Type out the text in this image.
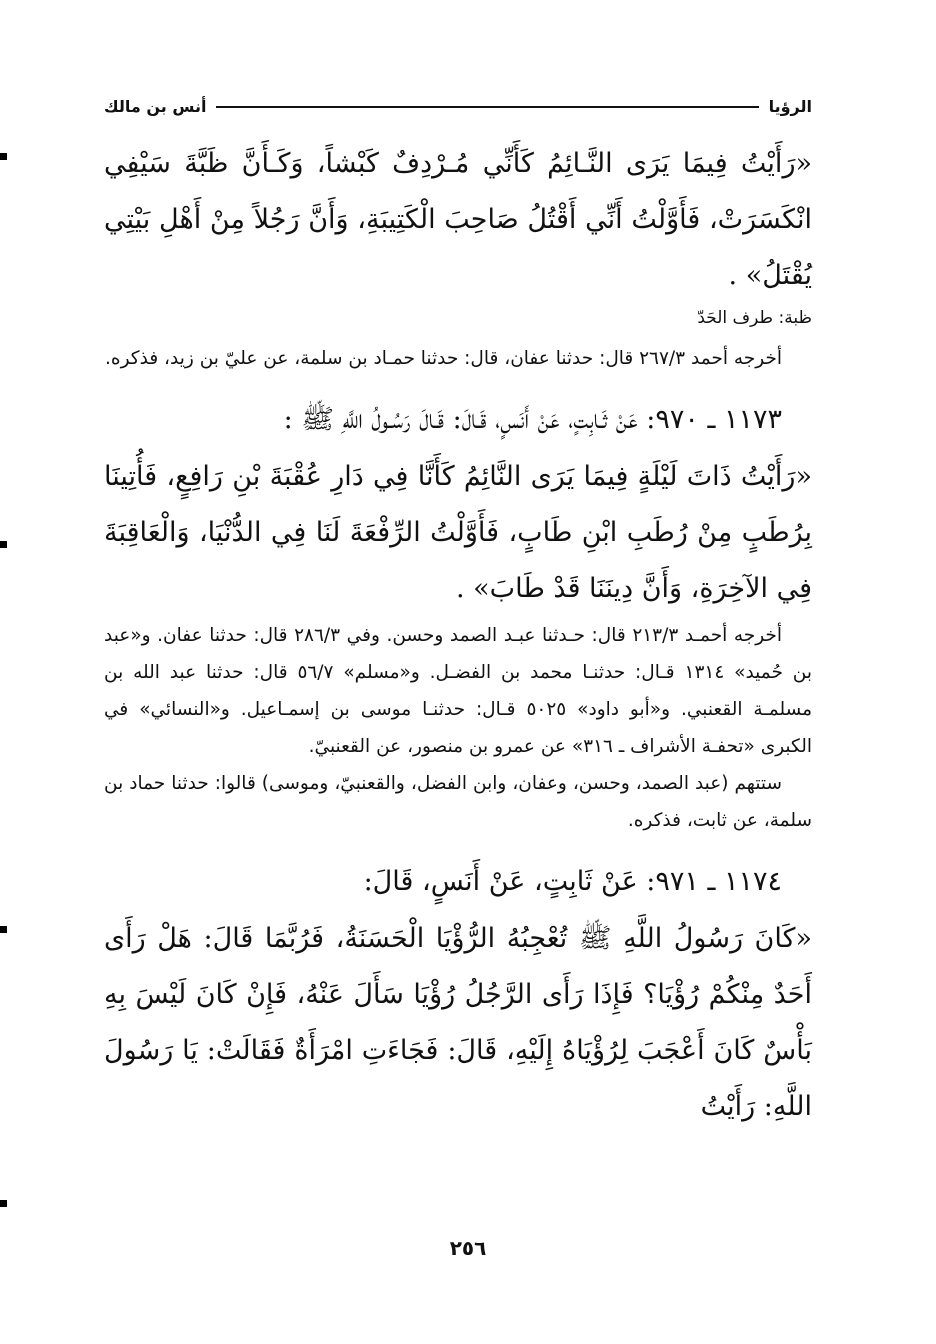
الرؤيا
أنس بن مالك

«رَأَيْتُ فِيمَا يَرَى النَّـائِمُ كَأَنِّي مُـرْدِفٌ كَبْشاً، وَكَـأَنَّ ظَبَّةَ سَيْفِي انْكَسَرَتْ، فَأَوَّلْتُ أَنِّي أَقْتُلُ صَاحِبَ الْكَتِيبَةِ، وَأَنَّ رَجُلاً مِنْ أَهْلِ بَيْتِي يُقْتَلُ» .

ظبة: طرف الحَدّ

أخرجه أحمد ٢٦٧/٣ قال: حدثنا عفان، قال: حدثنا حمـاد بن سلمة، عن عليّ بن زيد، فذكره.

١١٧٣ ـ ٩٧٠: عَنْ ثَـابِتٍ، عَنْ أَنَسٍ، قَـالَ: قَـالَ رَسُـولُ اللَّهِ ﷺ :

«رَأَيْتُ ذَاتَ لَيْلَةٍ فِيمَا يَرَى النَّائِمُ كَأَنَّا فِي دَارِ عُقْبَةَ بْنِ رَافِعٍ، فَأُتِينَا بِرُطَبٍ مِنْ رُطَبِ ابْنِ طَابٍ، فَأَوَّلْتُ الرِّفْعَةَ لَنَا فِي الدُّنْيَا، وَالْعَاقِبَةَ فِي الآخِرَةِ، وَأَنَّ دِينَنَا قَدْ طَابَ» .

أخرجه أحمـد ٢١٣/٣ قال: حـدثنا عبـد الصمد وحسن. وفي ٢٨٦/٣ قال: حدثنا عفان. و«عبد بن حُميد» ١٣١٤ قـال: حدثنـا محمد بن الفضـل. و«مسلم» ٥٦/٧ قال: حدثنا عبد الله بن مسلمـة القعنبي. و«أبو داود» ٥٠٢٥ قـال: حدثنـا موسى بن إسمـاعيل. و«النسائي» في الكبرى «تحفـة الأشراف ـ ٣١٦» عن عمرو بن منصور، عن القعنبيّ.

ستتهم (عبد الصمد، وحسن، وعفان، وابن الفضل، والقعنبيّ، وموسى) قالوا: حدثنا حماد بن سلمة، عن ثابت، فذكره.

١١٧٤ ـ ٩٧١: عَنْ ثَابِتٍ، عَنْ أَنَسٍ، قَالَ:

«كَانَ رَسُولُ اللَّهِ ﷺ تُعْجِبُهُ الرُّؤْيَا الْحَسَنَةُ، فَرُبَّمَا قَالَ: هَلْ رَأَى أَحَدٌ مِنْكُمْ رُؤْيَا؟ فَإِذَا رَأَى الرَّجُلُ رُؤْيَا سَأَلَ عَنْهُ، فَإِنْ كَانَ لَيْسَ بِهِ بَأْسٌ كَانَ أَعْجَبَ لِرُؤْيَاهُ إِلَيْهِ، قَالَ: فَجَاءَتِ امْرَأَةٌ فَقَالَتْ: يَا رَسُولَ اللَّهِ: رَأَيْتُ

٢٥٦
